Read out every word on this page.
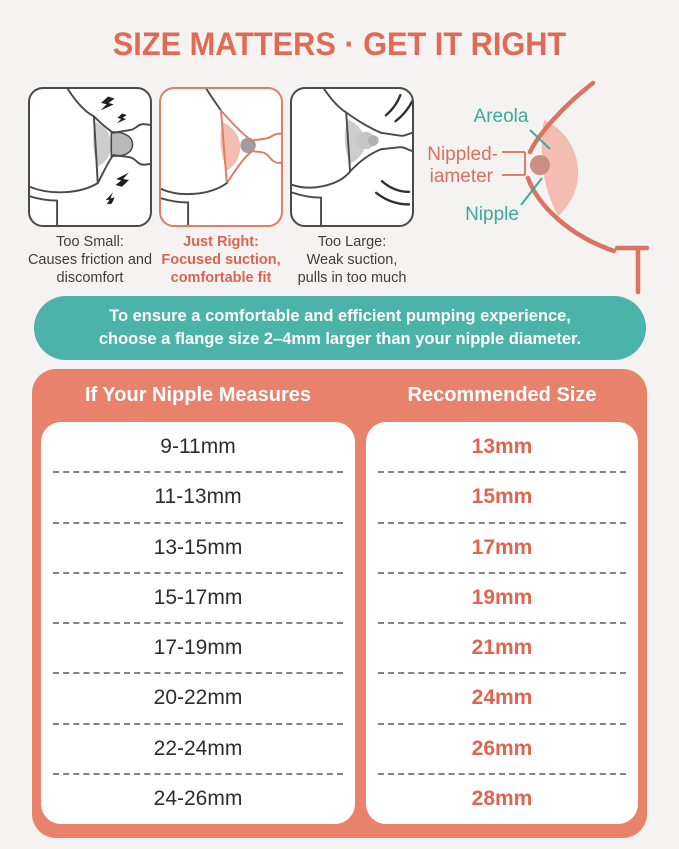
SIZE MATTERS · GET IT RIGHT
Too Small:
Causes friction and
discomfort
Just Right:
Focused suction,
comfortable fit
Too Large:
Weak suction,
pulls in too much
Areola
Nippled-
iameter
Nipple
To ensure a comfortable and efficient pumping experience,
choose a flange size 2–4mm larger than your nipple diameter.
If Your Nipple Measures	Recommended Size
9-11mm
11-13mm
13-15mm
15-17mm
17-19mm
20-22mm
22-24mm
24-26mm
13mm
15mm
17mm
19mm
21mm
24mm
26mm
28mm
